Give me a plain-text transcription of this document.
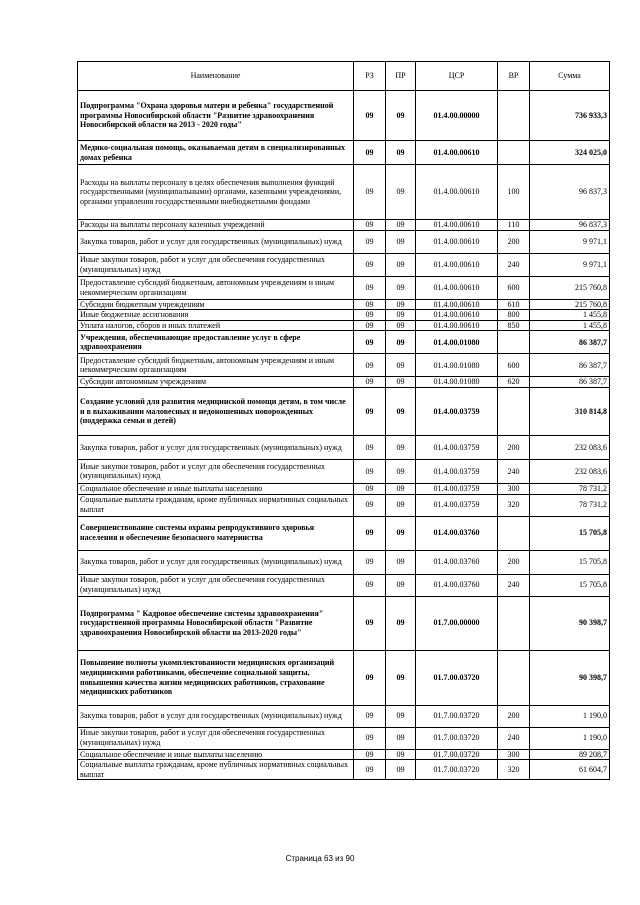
Наименование	РЗ	ПР	ЦСР	ВР	Сумма
Подпрограмма "Охрана здоровья матери и ребенка" государственной программы Новосибирской области "Развитие здравоохранения Новосибирской области на 2013 - 2020 годы"	09	09	01.4.00.00000		736 933,3
Медико-социальная помощь, оказываемая детям в специализированных домах ребенка	09	09	01.4.00.00610		324 025,0
Расходы на выплаты персоналу в целях обеспечения выполнения функций государственными (муниципальными) органами, казенными учреждениями, органами управления государственными внебюджетными фондами	09	09	01.4.00.00610	100	96 837,3
Расходы на выплаты персоналу казенных учреждений	09	09	01.4.00.00610	110	96 837,3
Закупка товаров, работ и услуг для государственных (муниципальных) нужд	09	09	01.4.00.00610	200	9 971,1
Иные закупки товаров, работ и услуг для обеспечения государственных (муниципальных) нужд	09	09	01.4.00.00610	240	9 971,1
Предоставление субсидий бюджетным, автономным учреждениям и иным некоммерческим организациям	09	09	01.4.00.00610	600	215 760,8
Субсидии бюджетным учреждениям	09	09	01.4.00.00610	610	215 760,8
Иные бюджетные ассигнования	09	09	01.4.00.00610	800	1 455,8
Уплата налогов, сборов и иных платежей	09	09	01.4.00.00610	850	1 455,8
Учреждения, обеспечивающие предоставление услуг в сфере здравоохранения	09	09	01.4.00.01080		86 387,7
Предоставление субсидий бюджетным, автономным учреждениям и иным некоммерческим организациям	09	09	01.4.00.01080	600	86 387,7
Субсидии автономным учреждениям	09	09	01.4.00.01080	620	86 387,7
Создание условий для развития медицинской помощи детям, в том числе и в выхаживании маловесных и недоношенных новорожденных (поддержка семьи и детей)	09	09	01.4.00.03759		310 814,8
Закупка товаров, работ и услуг для государственных (муниципальных) нужд	09	09	01.4.00.03759	200	232 083,6
Иные закупки товаров, работ и услуг для обеспечения государственных (муниципальных) нужд	09	09	01.4.00.03759	240	232 083,6
Социальное обеспечение и иные выплаты населению	09	09	01.4.00.03759	300	78 731,2
Социальные выплаты гражданам, кроме публичных нормативных социальных выплат	09	09	01.4.00.03759	320	78 731,2
Совершенствование системы охраны репродуктивного здоровья населения и обеспечение безопасного материнства	09	09	01.4.00.03760		15 705,8
Закупка товаров, работ и услуг для государственных (муниципальных) нужд	09	09	01.4.00.03760	200	15 705,8
Иные закупки товаров, работ и услуг для обеспечения государственных (муниципальных) нужд	09	09	01.4.00.03760	240	15 705,8
Подпрограмма " Кадровое обеспечение системы здравоохранения" государственной программы Новосибирской области "Развитие здравоохранения Новосибирской области на 2013-2020 годы"	09	09	01.7.00.00000		90 398,7
Повышение полноты укомплектованности медицинских организаций медицинскими работниками, обеспечение социальной защиты, повышения качества жизни медицинских работников, страхование медицинских работников	09	09	01.7.00.03720		90 398,7
Закупка товаров, работ и услуг для государственных (муниципальных) нужд	09	09	01.7.00.03720	200	1 190,0
Иные закупки товаров, работ и услуг для обеспечения государственных (муниципальных) нужд	09	09	01.7.00.03720	240	1 190,0
Социальное обеспечение и иные выплаты населению	09	09	01.7.00.03720	300	89 208,7
Социальные выплаты гражданам, кроме публичных нормативных социальных выплат	09	09	01.7.00.03720	320	61 604,7
Страница 63 из 90
